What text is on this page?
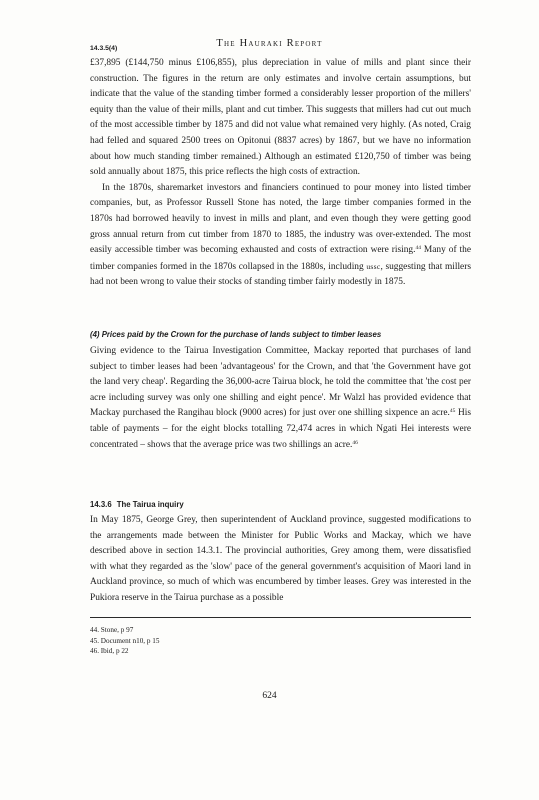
The Hauraki Report
14.3.5(4)

£37,895 (£144,750 minus £106,855), plus depreciation in value of mills and plant since their construction. The figures in the return are only estimates and involve certain assumptions, but indicate that the value of the standing timber formed a considerably lesser proportion of the millers' equity than the value of their mills, plant and cut timber. This suggests that millers had cut out much of the most accessible timber by 1875 and did not value what remained very highly. (As noted, Craig had felled and squared 2500 trees on Opitonui (8837 acres) by 1867, but we have no information about how much standing timber remained.) Although an estimated £120,750 of timber was being sold annually about 1875, this price reflects the high costs of extraction.

In the 1870s, sharemarket investors and financiers continued to pour money into listed timber companies, but, as Professor Russell Stone has noted, the large timber companies formed in the 1870s had borrowed heavily to invest in mills and plant, and even though they were getting good gross annual return from cut timber from 1870 to 1885, the industry was over-extended. The most easily accessible timber was becoming exhausted and costs of extraction were rising.$^{44}$ Many of the timber companies formed in the 1870s collapsed in the 1880s, including ussc, suggesting that millers had not been wrong to value their stocks of standing timber fairly modestly in 1875.

(4) Prices paid by the Crown for the purchase of lands subject to timber leases

Giving evidence to the Tairua Investigation Committee, Mackay reported that purchases of land subject to timber leases had been 'advantageous' for the Crown, and that 'the Government have got the land very cheap'. Regarding the 36,000-acre Tairua block, he told the committee that 'the cost per acre including survey was only one shilling and eight pence'. Mr Walzl has provided evidence that Mackay purchased the Rangihau block (9000 acres) for just over one shilling sixpence an acre.$^{45}$ His table of payments – for the eight blocks totalling 72,474 acres in which Ngati Hei interests were concentrated – shows that the average price was two shillings an acre.$^{46}$

14.3.6 The Tairua inquiry

In May 1875, George Grey, then superintendent of Auckland province, suggested modifications to the arrangements made between the Minister for Public Works and Mackay, which we have described above in section 14.3.1. The provincial authorities, Grey among them, were dissatisfied with what they regarded as the 'slow' pace of the general government's acquisition of Maori land in Auckland province, so much of which was encumbered by timber leases. Grey was interested in the Pukiora reserve in the Tairua purchase as a possible

44. Stone, p 97
45. Document n10, p 15
46. Ibid, p 22
624
